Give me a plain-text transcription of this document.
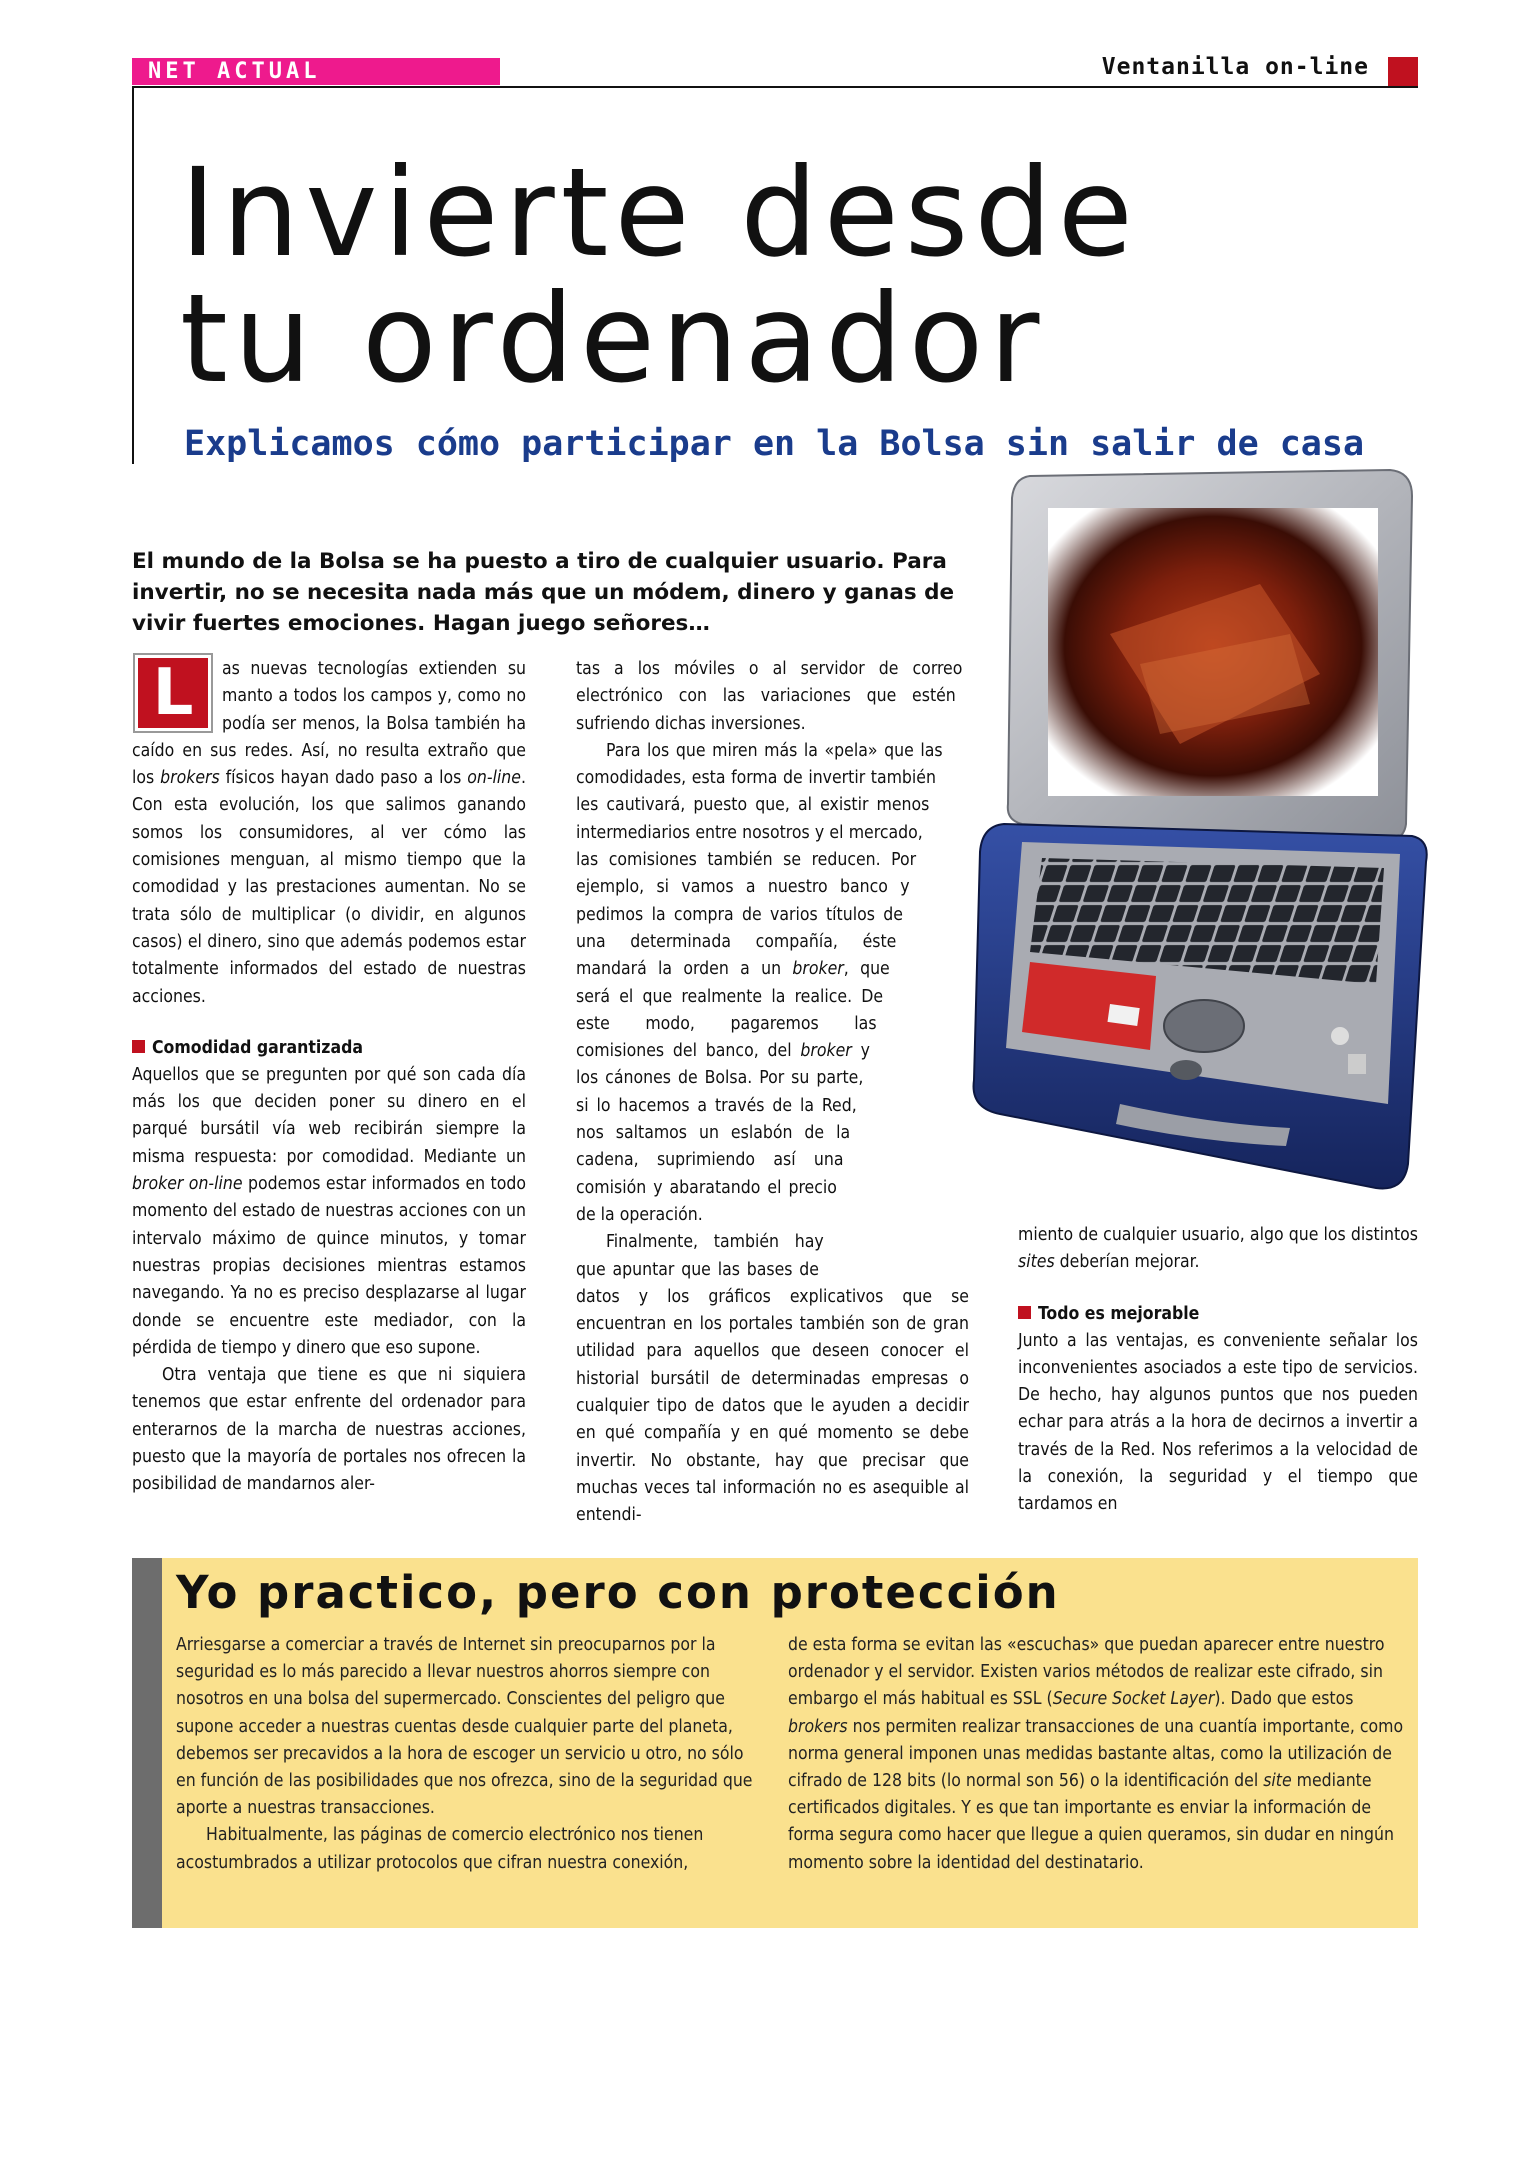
NET ACTUAL	Ventanilla on-line
Invierte desde
tu ordenador
Explicamos cómo participar en la Bolsa sin salir de casa

El mundo de la Bolsa se ha puesto a tiro de cualquier usuario. Para invertir, no se necesita nada más que un módem, dinero y ganas de vivir fuertes emociones. Hagan juego señores…

L	as nuevas tecnologías extienden su manto a todos los campos y, como no podía ser menos, la Bolsa también ha caído en sus redes. Así, no resulta extraño que los brokers físicos hayan dado paso a los on-line. Con esta evolución, los que salimos ganando somos los consumidores, al ver cómo las comisiones menguan, al mismo tiempo que la comodidad y las prestaciones aumentan. No se trata sólo de multiplicar (o dividir, en algunos casos) el dinero, sino que además podemos estar totalmente informados del estado de nuestras acciones.

Comodidad garantizada

Aquellos que se pregunten por qué son cada día más los que deciden poner su dinero en el parqué bursátil vía web recibirán siempre la misma respuesta: por comodidad. Mediante un broker on-line podemos estar informados en todo momento del estado de nuestras acciones con un intervalo máximo de quince minutos, y tomar nuestras propias decisiones mientras estamos navegando. Ya no es preciso desplazarse al lugar donde se encuentre este mediador, con la pérdida de tiempo y dinero que eso supone.

Otra ventaja que tiene es que ni siquiera tenemos que estar enfrente del ordenador para enterarnos de la marcha de nuestras acciones, puesto que la mayoría de portales nos ofrecen la posibilidad de mandarnos aler-

tas a los móviles o al servidor de correo electrónico con las variaciones que estén sufriendo dichas inversiones.

Para los que miren más la «pela» que las comodidades, esta forma de invertir también les cautivará, puesto que, al existir menos intermediarios entre nosotros y el mercado, las comisiones también se reducen. Por ejemplo, si vamos a nuestro banco y pedimos la compra de varios títulos de una determinada compañía, éste mandará la orden a un broker, que será el que realmente la realice. De este modo, pagaremos las comisiones del banco, del broker y los cánones de Bolsa. Por su parte, si lo hacemos a través de la Red, nos saltamos un eslabón de la cadena, suprimiendo así una comisión y abaratando el precio de la operación.

Finalmente, también hay que apuntar que las bases de datos y los gráficos explicativos que se encuentran en los portales también son de gran utilidad para aquellos que deseen conocer el historial bursátil de determinadas empresas o cualquier tipo de datos que le ayuden a decidir en qué compañía y en qué momento se debe invertir. No obstante, hay que precisar que muchas veces tal información no es asequible al entendi-

miento de cualquier usuario, algo que los distintos sites deberían mejorar.

Todo es mejorable

Junto a las ventajas, es conveniente señalar los inconvenientes asociados a este tipo de servicios. De hecho, hay algunos puntos que nos pueden echar para atrás a la hora de decirnos a invertir a través de la Red. Nos referimos a la velocidad de la conexión, la seguridad y el tiempo que tardamos en

Yo practico, pero con protección

Arriesgarse a comerciar a través de Internet sin preocuparnos por la seguridad es lo más parecido a llevar nuestros ahorros siempre con nosotros en una bolsa del supermercado. Conscientes del peligro que supone acceder a nuestras cuentas desde cualquier parte del planeta, debemos ser precavidos a la hora de escoger un servicio u otro, no sólo en función de las posibilidades que nos ofrezca, sino de la seguridad que aporte a nuestras transacciones.

Habitualmente, las páginas de comercio electrónico nos tienen acostumbrados a utilizar protocolos que cifran nuestra conexión,

de esta forma se evitan las «escuchas» que puedan aparecer entre nuestro ordenador y el servidor. Existen varios métodos de realizar este cifrado, sin embargo el más habitual es SSL (Secure Socket Layer). Dado que estos brokers nos permiten realizar transacciones de una cuantía importante, como norma general imponen unas medidas bastante altas, como la utilización de cifrado de 128 bits (lo normal son 56) o la identificación del site mediante certificados digitales. Y es que tan importante es enviar la información de forma segura como hacer que llegue a quien queramos, sin dudar en ningún momento sobre la identidad del destinatario.
